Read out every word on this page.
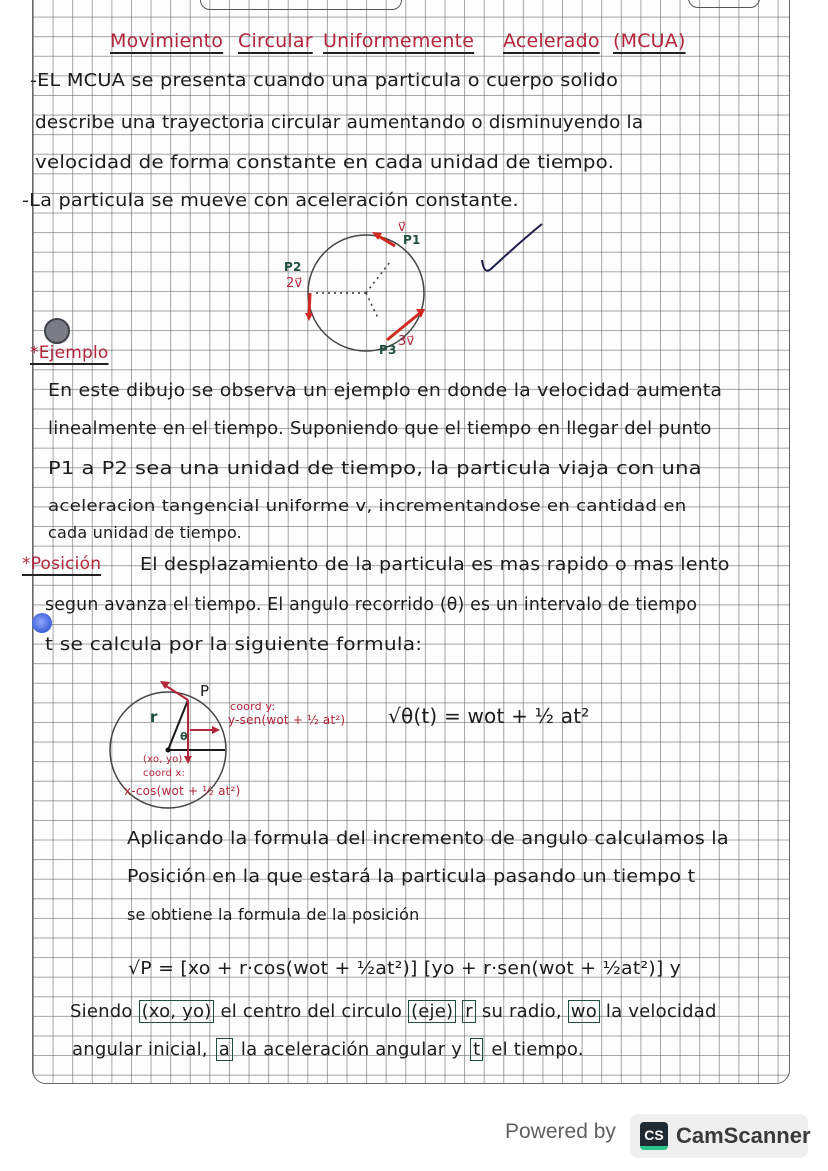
Movimiento Circular Uniformemente Acelerado (MCUA)
-EL MCUA se presenta cuando una particula o cuerpo solido
describe una trayectoria circular aumentando o disminuyendo la
velocidad de forma constante en cada unidad de tiempo.
-La particula se mueve con aceleración constante.
P1
v⃗
P2
2v⃗
P3
3v⃗
*Ejemplo
En este dibujo se observa un ejemplo en donde la velocidad aumenta
linealmente en el tiempo. Suponiendo que el tiempo en llegar del punto
P1 a P2 sea una unidad de tiempo, la particula viaja con una
aceleracion tangencial uniforme v, incrementandose en cantidad en
cada unidad de tiempo.
*Posición El desplazamiento de la particula es mas rapido o mas lento
segun avanza el tiempo. El angulo recorrido (θ) es un intervalo de tiempo
t se calcula por la siguiente formula:
P
r
θ
(xo, yo)
coord y:
y-sen(wot + ½ at²)
coord x:
x-cos(wot + ½ at²)
√θ(t) = wot + ½ at²
Aplicando la formula del incremento de angulo calculamos la
Posición en la que estará la particula pasando un tiempo t
se obtiene la formula de la posición
√P = [xo + r·cos(wot + ½at²)] [yo + r·sen(wot + ½at²)] y
Siendo (xo, yo) el centro del circulo (eje) r su radio, wo la velocidad
angular inicial, a la aceleración angular y t el tiempo.
Powered by	CS CamScanner
